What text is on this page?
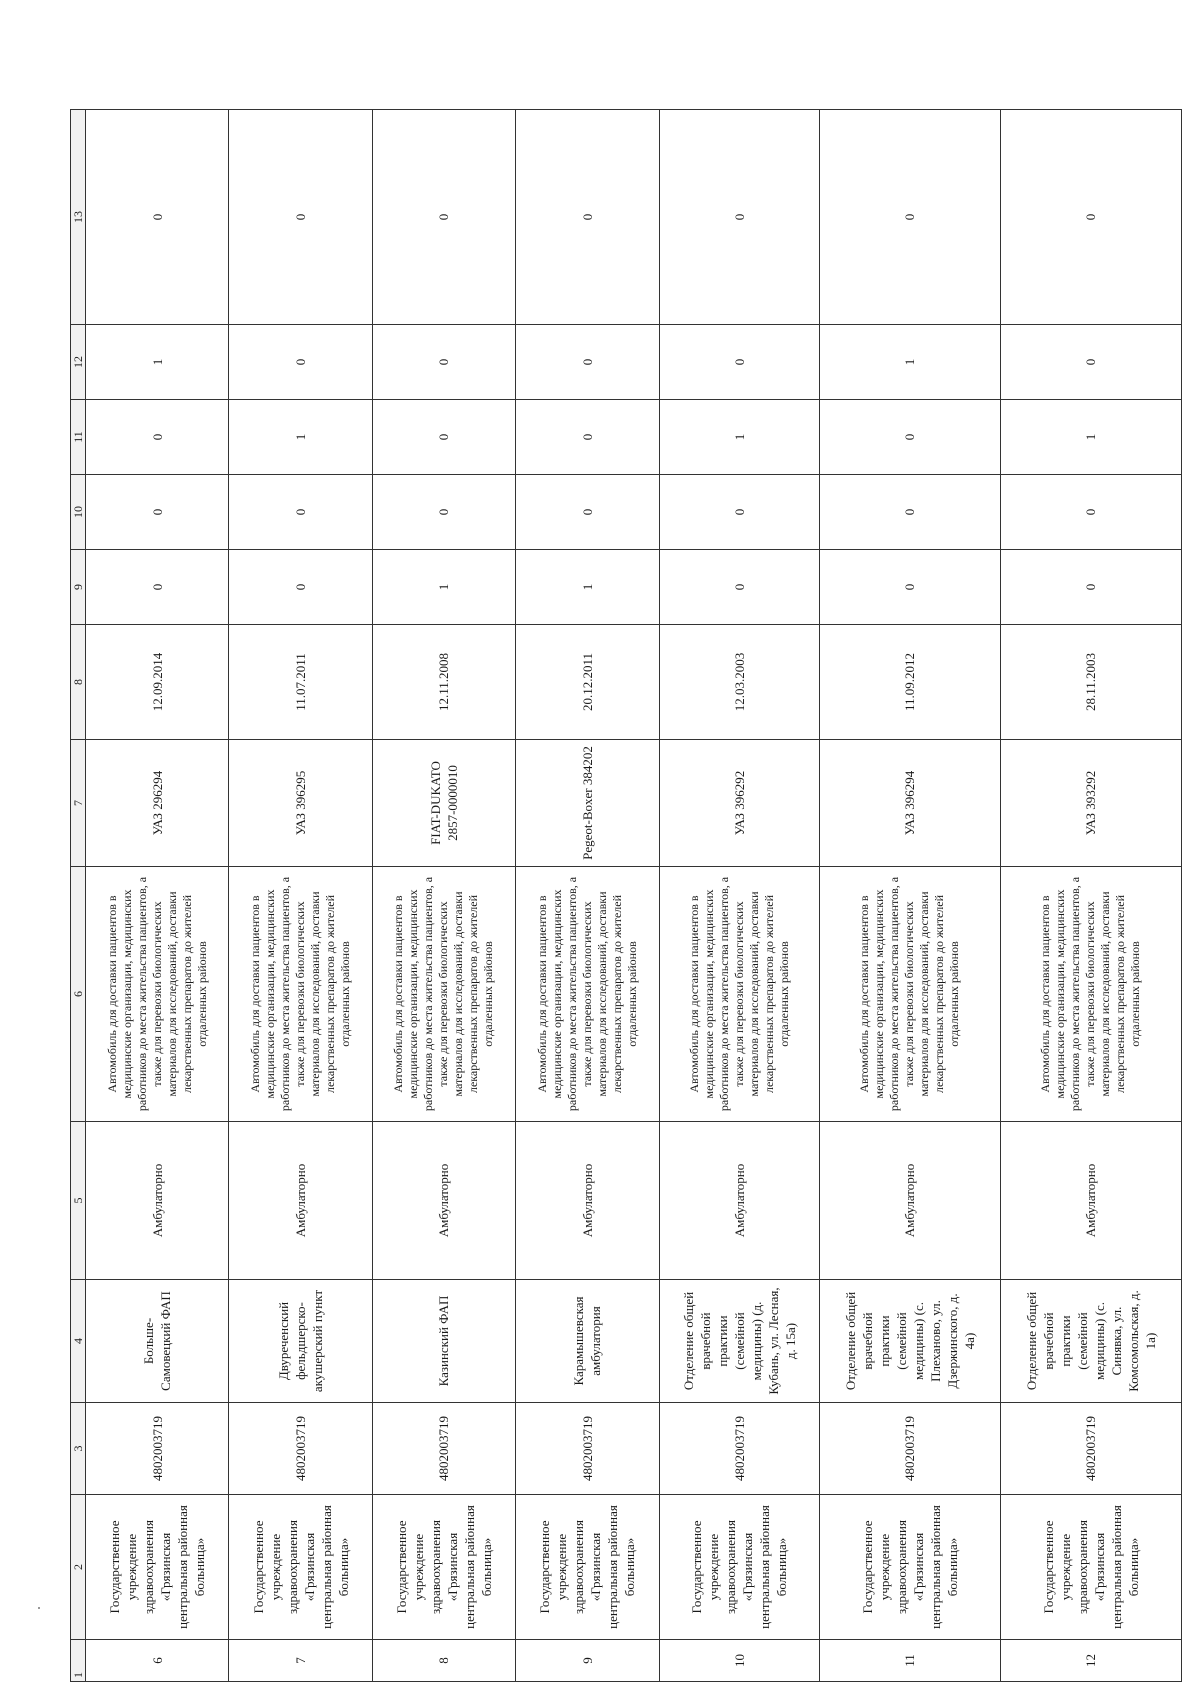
1	2	3	4	5	6	7	8	9	10	11	12	13
6	Государственное учреждение здравоохранения «Грязинская центральная районная больница»	4802003719	Больше-Самовецкий ФАП	Амбулаторно	Автомобиль для доставки пациентов в медицинские организации, медицинских работников до места жительства пациентов, а также для перевозки биологических материалов для исследований, доставки лекарственных препаратов до жителей отдаленных районов	УАЗ 296294	12.09.2014	0	0	0	1	0
7	Государственное учреждение здравоохранения «Грязинская центральная районная больница»	4802003719	Двуреченский фельдшерско-акушерский пункт	Амбулаторно	Автомобиль для доставки пациентов в медицинские организации, медицинских работников до места жительства пациентов, а также для перевозки биологических материалов для исследований, доставки лекарственных препаратов до жителей отдаленных районов	УАЗ 396295	11.07.2011	0	0	1	0	0
8	Государственное учреждение здравоохранения «Грязинская центральная районная больница»	4802003719	Казинский ФАП	Амбулаторно	Автомобиль для доставки пациентов в медицинские организации, медицинских работников до места жительства пациентов, а также для перевозки биологических материалов для исследований, доставки лекарственных препаратов до жителей отдаленных районов	FIAT-DUKATO 2857-0000010	12.11.2008	1	0	0	0	0
9	Государственное учреждение здравоохранения «Грязинская центральная районная больница»	4802003719	Карамышевская амбулатория	Амбулаторно	Автомобиль для доставки пациентов в медицинские организации, медицинских работников до места жительства пациентов, а также для перевозки биологических материалов для исследований, доставки лекарственных препаратов до жителей отдаленных районов	Pegeot-Boxer 384202	20.12.2011	1	0	0	0	0
10	Государственное учреждение здравоохранения «Грязинская центральная районная больница»	4802003719	Отделение общей врачебной практики (семейной медицины) (д. Кубань, ул. Лесная, д. 15а)	Амбулаторно	Автомобиль для доставки пациентов в медицинские организации, медицинских работников до места жительства пациентов, а также для перевозки биологических материалов для исследований, доставки лекарственных препаратов до жителей отдаленных районов	УАЗ 396292	12.03.2003	0	0	1	0	0
11	Государственное учреждение здравоохранения «Грязинская центральная районная больница»	4802003719	Отделение общей врачебной практики (семейной медицины) (с. Плеханово, ул. Дзержинского, д. 4а)	Амбулаторно	Автомобиль для доставки пациентов в медицинские организации, медицинских работников до места жительства пациентов, а также для перевозки биологических материалов для исследований, доставки лекарственных препаратов до жителей отдаленных районов	УАЗ 396294	11.09.2012	0	0	0	1	0
12	Государственное учреждение здравоохранения «Грязинская центральная районная больница»	4802003719	Отделение общей врачебной практики (семейной медицины) (с. Синявка, ул. Комсомольская, д. 1а)	Амбулаторно	Автомобиль для доставки пациентов в медицинские организации, медицинских работников до места жительства пациентов, а также для перевозки биологических материалов для исследований, доставки лекарственных препаратов до жителей отдаленных районов	УАЗ 393292	28.11.2003	0	0	1	0	0
